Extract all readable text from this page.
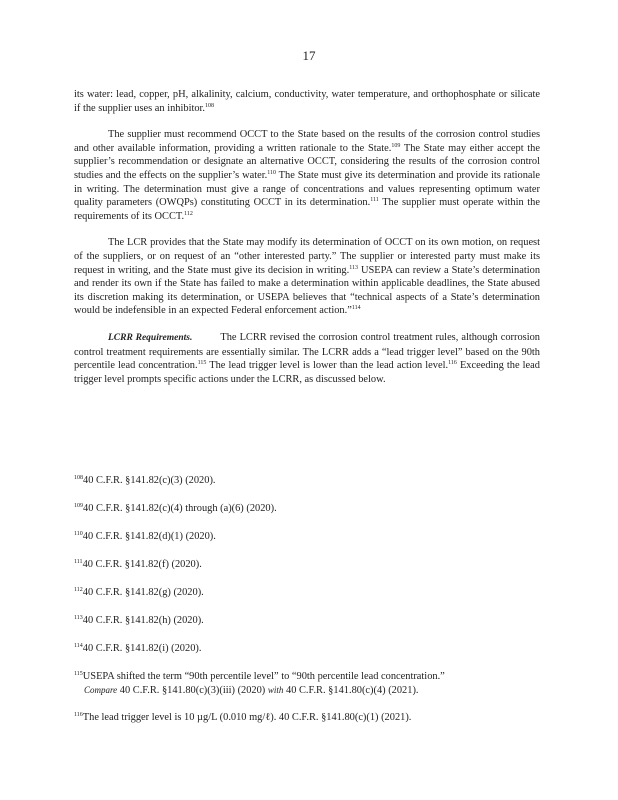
17

its water: lead, copper, pH, alkalinity, calcium, conductivity, water temperature, and orthophosphate or silicate if the supplier uses an inhibitor.$^{108}$

The supplier must recommend OCCT to the State based on the results of the corrosion control studies and other available information, providing a written rationale to the State.$^{109}$ The State may either accept the supplier’s recommendation or designate an alternative OCCT, considering the results of the corrosion control studies and the effects on the supplier’s water.$^{110}$ The State must give its determination and provide its rationale in writing. The determination must give a range of concentrations and values representing optimum water quality parameters (OWQPs) constituting OCCT in its determination.$^{111}$ The supplier must operate within the requirements of its OCCT.$^{112}$

The LCR provides that the State may modify its determination of OCCT on its own motion, on request of the suppliers, or on request of an “other interested party.” The supplier or interested party must make its request in writing, and the State must give its decision in writing.$^{113}$ USEPA can review a State’s determination and render its own if the State has failed to make a determination within applicable deadlines, the State abused its discretion making its determination, or USEPA believes that “technical aspects of a State’s determination would be indefensible in an expected Federal enforcement action.”$^{114}$

LCRR Requirements.	The LCRR revised the corrosion control treatment rules, although corrosion control treatment requirements are essentially similar. The LCRR adds a “lead trigger level” based on the 90th percentile lead concentration.$^{115}$ The lead trigger level is lower than the lead action level.$^{116}$ Exceeding the lead trigger level prompts specific actions under the LCRR, as discussed below.

$^{108}$40 C.F.R. §141.82(c)(3) (2020).

$^{109}$40 C.F.R. §141.82(c)(4) through (a)(6) (2020).

$^{110}$40 C.F.R. §141.82(d)(1) (2020).

$^{111}$40 C.F.R. §141.82(f) (2020).

$^{112}$40 C.F.R. §141.82(g) (2020).

$^{113}$40 C.F.R. §141.82(h) (2020).

$^{114}$40 C.F.R. §141.82(i) (2020).

$^{115}$USEPA shifted the term “90th percentile level” to “90th percentile lead concentration.”
Compare 40 C.F.R. §141.80(c)(3)(iii) (2020) with 40 C.F.R. §141.80(c)(4) (2021).

$^{116}$The lead trigger level is 10 µg/L (0.010 mg/ℓ). 40 C.F.R. §141.80(c)(1) (2021).
